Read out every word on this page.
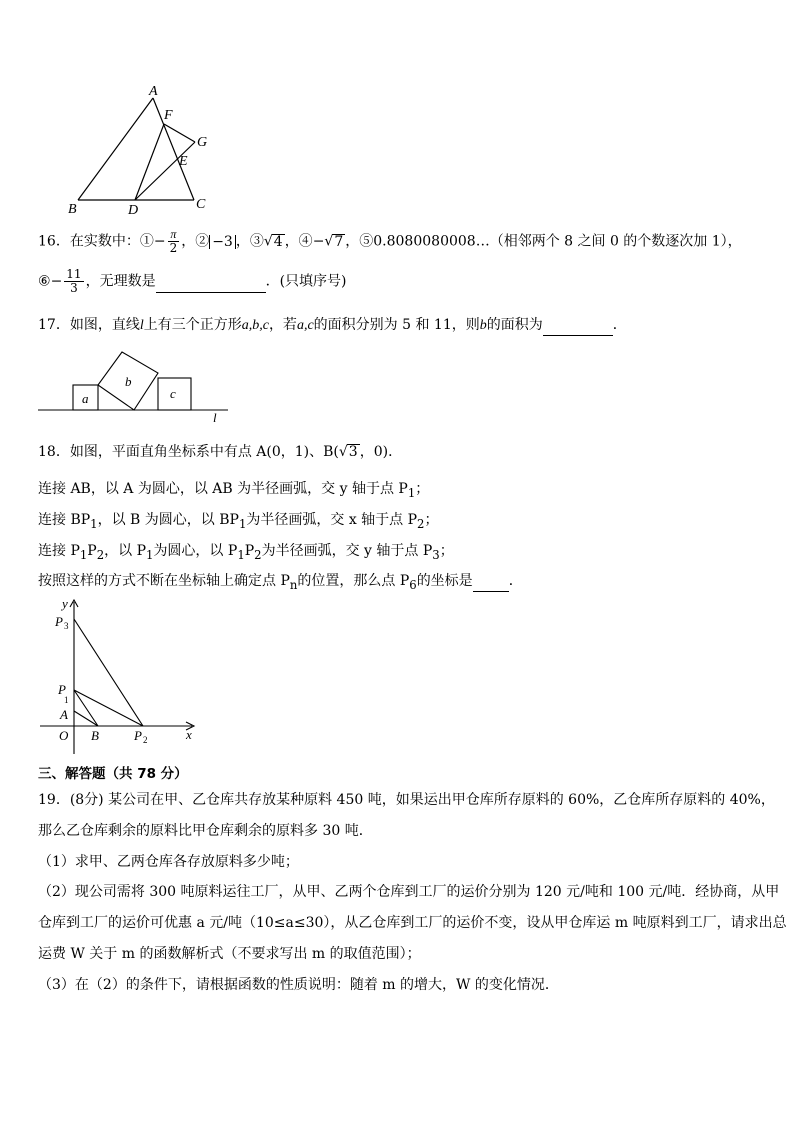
A
F
G
E
B	D	C
16．在实数中：①− $\frac{\pi}{2}$ ，② −3 ，③√4 ，④−√7 ，⑤0.8080080008…（相邻两个 8 之间 0 的个数逐次加 1），
⑥− $\frac{11}{3}$ ，无理数是	．(只填序号)
17．如图，直线l上有三个正方形a,b,c，若a,c的面积分别为 5 和 11，则b的面积为	．
a
b
c
l
18．如图，平面直角坐标系中有点 A(0，1)、B(√3 ，0)．
连接 AB，以 A 为圆心，以 AB 为半径画弧，交 y 轴于点 $P_1$；
连接 $BP_1$，以 B 为圆心，以 $BP_1$为半径画弧，交 x 轴于点 $P_2$；
连接 $P_1P_2$，以 $P_1$为圆心，以 $P_1P_2$为半径画弧，交 y 轴于点 $P_3$；
按照这样的方式不断在坐标轴上确定点 $P_n$的位置，那么点 $P_6$的坐标是	．
y
x
O
A
B
P 3
P
1
P 2
三、解答题（共 78 分）
19．(8分) 某公司在甲、乙仓库共存放某种原料 450 吨，如果运出甲仓库所存原料的 60%，乙仓库所存原料的 40%，
那么乙仓库剩余的原料比甲仓库剩余的原料多 30 吨．
（1）求甲、乙两仓库各存放原料多少吨；
（2）现公司需将 300 吨原料运往工厂，从甲、乙两个仓库到工厂的运价分别为 120 元/吨和 100 元/吨．经协商，从甲
仓库到工厂的运价可优惠 a 元/吨（10≤a≤30），从乙仓库到工厂的运价不变，设从甲仓库运 m 吨原料到工厂，请求出总
运费 W 关于 m 的函数解析式（不要求写出 m 的取值范围）；
（3）在（2）的条件下，请根据函数的性质说明：随着 m 的增大，W 的变化情况．
